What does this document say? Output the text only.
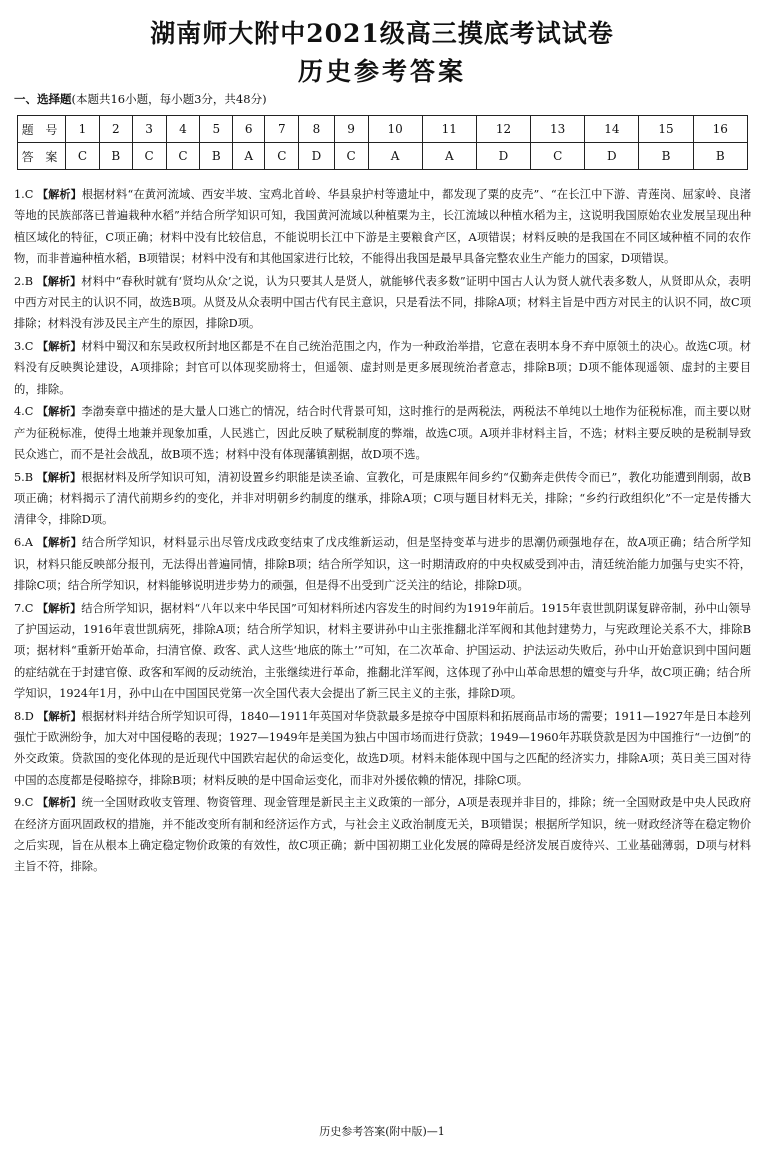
湖南师大附中2021级高三摸底考试试卷
历史参考答案
一、选择题(本题共16小题，每小题3分，共48分)
题 号	1	2	3	4	5	6	7	8	9	10	11	12	13	14	15	16
答 案	C	B	C	C	B	A	C	D	C	A	A	D	C	D	B	B
1.C 【解析】根据材料“在黄河流域、西安半坡、宝鸡北首岭、华县泉护村等遗址中，都发现了粟的皮壳”、“在长江中下游、青莲岗、屈家岭、良渚等地的民族部落已普遍栽种水稻”并结合所学知识可知，我国黄河流域以种植粟为主，长江流域以种植水稻为主，这说明我国原始农业发展呈现出种植区域化的特征，C项正确；材料中没有比较信息，不能说明长江中下游是主要粮食产区，A项错误；材料反映的是我国在不同区域种植不同的农作物，而非普遍种植水稻，B项错误；材料中没有和其他国家进行比较，不能得出我国是最早具备完整农业生产能力的国家，D项错误。
2.B 【解析】材料中“春秋时就有‘贤均从众’之说，认为只要其人是贤人，就能够代表多数”证明中国古人认为贤人就代表多数人，从贤即从众，表明中西方对民主的认识不同，故选B项。从贤及从众表明中国古代有民主意识，只是看法不同，排除A项；材料主旨是中西方对民主的认识不同，故C项排除；材料没有涉及民主产生的原因，排除D项。
3.C 【解析】材料中蜀汉和东吴政权所封地区都是不在自己统治范围之内，作为一种政治举措，它意在表明本身不弃中原领土的决心。故选C项。材料没有反映舆论建设，A项排除；封官可以体现奖励将士，但遥领、虚封则是更多展现统治者意志，排除B项；D项不能体现遥领、虚封的主要目的，排除。
4.C 【解析】李渤奏章中描述的是大量人口逃亡的情况，结合时代背景可知，这时推行的是两税法，两税法不单纯以土地作为征税标准，而主要以财产为征税标准，使得土地兼并现象加重，人民逃亡，因此反映了赋税制度的弊端，故选C项。A项并非材料主旨，不选；材料主要反映的是税制导致民众逃亡，而不是社会战乱，故B项不选；材料中没有体现藩镇割据，故D项不选。
5.B 【解析】根据材料及所学知识可知，清初设置乡约职能是读圣谕、宣教化，可是康熙年间乡约“仅勤奔走供传令而已”，教化功能遭到削弱，故B项正确；材料揭示了清代前期乡约的变化，并非对明朝乡约制度的继承，排除A项；C项与题目材料无关，排除；“乡约行政组织化”不一定是传播大清律令，排除D项。
6.A 【解析】结合所学知识，材料显示出尽管戊戌政变结束了戊戌维新运动，但是坚持变革与进步的思潮仍顽强地存在，故A项正确；结合所学知识，材料只能反映部分报刊，无法得出普遍同情，排除B项；结合所学知识，这一时期清政府的中央权威受到冲击，清廷统治能力加强与史实不符，排除C项；结合所学知识，材料能够说明进步势力的顽强，但是得不出受到广泛关注的结论，排除D项。
7.C 【解析】结合所学知识，据材料“八年以来中华民国”可知材料所述内容发生的时间约为1919年前后。1915年袁世凯阴谋复辟帝制，孙中山领导了护国运动，1916年袁世凯病死，排除A项；结合所学知识，材料主要讲孙中山主张推翻北洋军阀和其他封建势力，与宪政理论关系不大，排除B项；据材料“重新开始革命，扫清官僚、政客、武人这些‘地底的陈土’”可知，在二次革命、护国运动、护法运动失败后，孙中山开始意识到中国问题的症结就在于封建官僚、政客和军阀的反动统治，主张继续进行革命，推翻北洋军阀，这体现了孙中山革命思想的嬗变与升华，故C项正确；结合所学知识，1924年1月，孙中山在中国国民党第一次全国代表大会提出了新三民主义的主张，排除D项。
8.D 【解析】根据材料并结合所学知识可得，1840—1911年英国对华贷款最多是掠夺中国原料和拓展商品市场的需要；1911—1927年是日本趁列强忙于欧洲纷争，加大对中国侵略的表现；1927—1949年是美国为独占中国市场而进行贷款；1949—1960年苏联贷款是因为中国推行“一边倒”的外交政策。贷款国的变化体现的是近现代中国跌宕起伏的命运变化，故选D项。材料未能体现中国与之匹配的经济实力，排除A项；英日美三国对待中国的态度都是侵略掠夺，排除B项；材料反映的是中国命运变化，而非对外援依赖的情况，排除C项。
9.C 【解析】统一全国财政收支管理、物资管理、现金管理是新民主主义政策的一部分，A项是表现并非目的，排除；统一全国财政是中央人民政府在经济方面巩固政权的措施，并不能改变所有制和经济运作方式，与社会主义政治制度无关，B项错误；根据所学知识，统一财政经济等在稳定物价之后实现，旨在从根本上确定稳定物价政策的有效性，故C项正确；新中国初期工业化发展的障碍是经济发展百废待兴、工业基础薄弱，D项与材料主旨不符，排除。
历史参考答案(附中版)—1
